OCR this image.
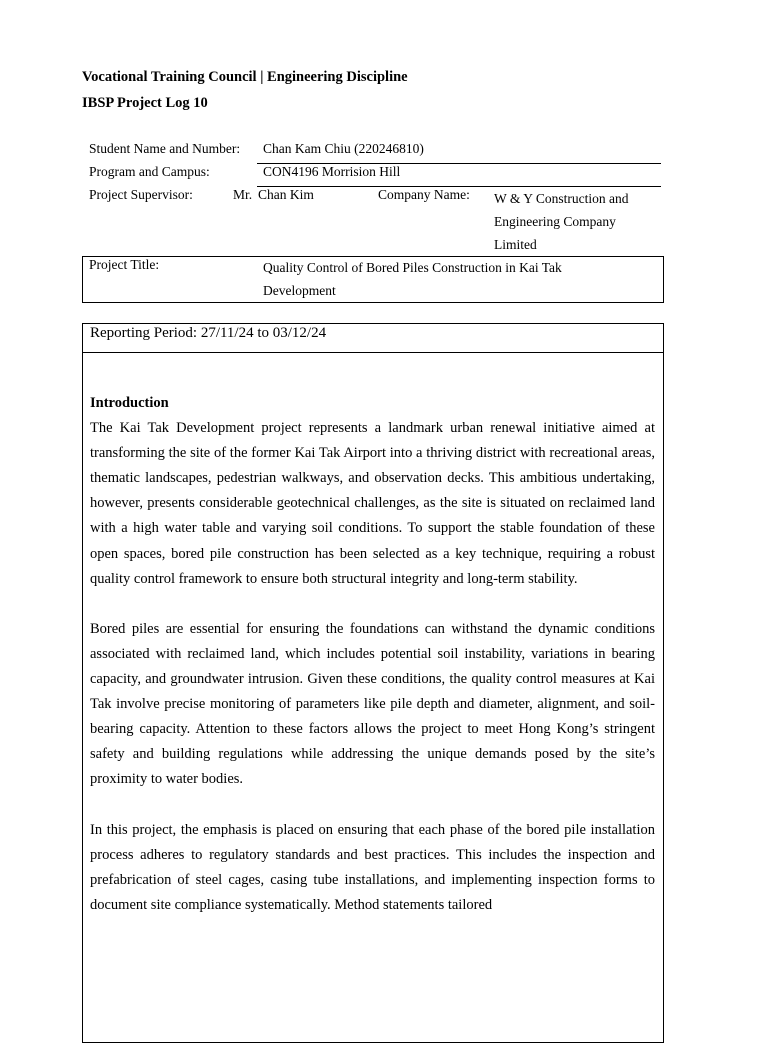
Vocational Training Council | Engineering Discipline
IBSP Project Log 10
Student Name and Number: Chan Kam Chiu (220246810)
Program and Campus:	CON4196 Morrision Hill
Project Supervisor:	Mr. Chan Kim	Company Name: W & Y Construction and
Engineering Company
Limited
Project Title:	Quality Control of Bored Piles Construction in Kai Tak Development
Reporting Period: 27/11/24 to 03/12/24
Introduction

The Kai Tak Development project represents a landmark urban renewal initiative aimed at transforming the site of the former Kai Tak Airport into a thriving district with recreational areas, thematic landscapes, pedestrian walkways, and observation decks. This ambitious undertaking, however, presents considerable geotechnical challenges, as the site is situated on reclaimed land with a high water table and varying soil conditions. To support the stable foundation of these open spaces, bored pile construction has been selected as a key technique, requiring a robust quality control framework to ensure both structural integrity and long-term stability.

Bored piles are essential for ensuring the foundations can withstand the dynamic conditions associated with reclaimed land, which includes potential soil instability, variations in bearing capacity, and groundwater intrusion. Given these conditions, the quality control measures at Kai Tak involve precise monitoring of parameters like pile depth and diameter, alignment, and soil-bearing capacity. Attention to these factors allows the project to meet Hong Kong’s stringent safety and building regulations while addressing the unique demands posed by the site’s proximity to water bodies.

In this project, the emphasis is placed on ensuring that each phase of the bored pile installation process adheres to regulatory standards and best practices. This includes the inspection and prefabrication of steel cages, casing tube installations, and implementing inspection forms to document site compliance systematically. Method statements tailored
